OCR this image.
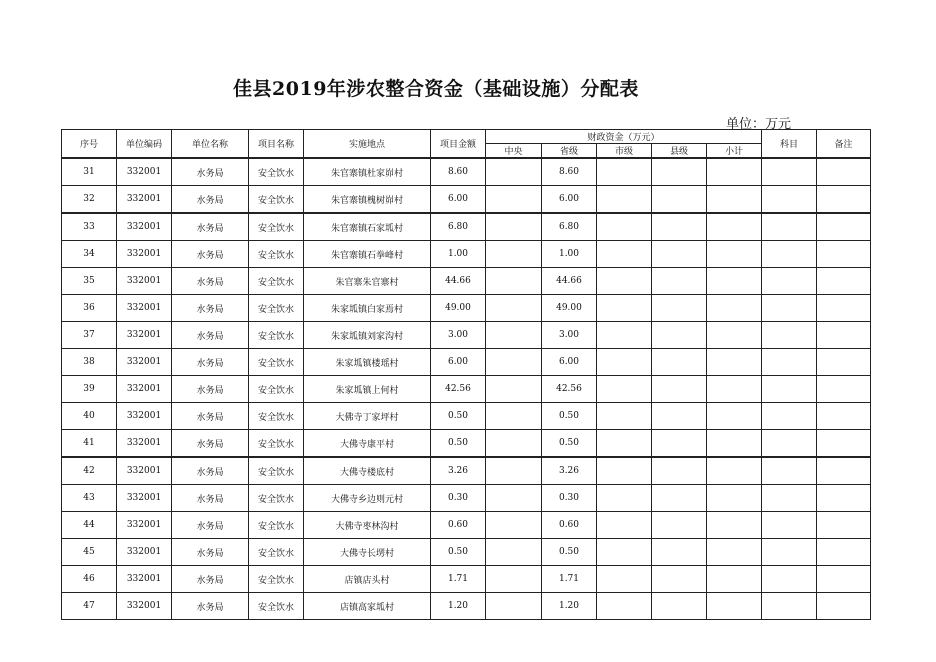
佳县2019年涉农整合资金（基础设施）分配表
单位：万元
序号	单位编码	单位名称	项目名称	实施地点	项目金额	财政资金（万元）					科目	备注
						中央	省级	市级	县级	小计		
31	332001	水务局	安全饮水	朱官寨镇杜家峁村	8.60		8.60					
32	332001	水务局	安全饮水	朱官寨镇槐树峁村	6.00		6.00					
33	332001	水务局	安全饮水	朱官寨镇石家坬村	6.80		6.80					
34	332001	水务局	安全饮水	朱官寨镇石拳峰村	1.00		1.00					
35	332001	水务局	安全饮水	朱官寨朱官寨村	44.66		44.66					
36	332001	水务局	安全饮水	朱家坬镇白家焉村	49.00		49.00					
37	332001	水务局	安全饮水	朱家坬镇刘家沟村	3.00		3.00					
38	332001	水务局	安全饮水	朱家坬镇楼瑶村	6.00		6.00					
39	332001	水务局	安全饮水	朱家坬镇上何村	42.56		42.56					
40	332001	水务局	安全饮水	大佛寺丁家坪村	0.50		0.50					
41	332001	水务局	安全饮水	大佛寺康平村	0.50		0.50					
42	332001	水务局	安全饮水	大佛寺楼底村	3.26		3.26					
43	332001	水务局	安全饮水	大佛寺乡边则元村	0.30		0.30					
44	332001	水务局	安全饮水	大佛寺枣林沟村	0.60		0.60					
45	332001	水务局	安全饮水	大佛寺长塄村	0.50		0.50					
46	332001	水务局	安全饮水	店镇店头村	1.71		1.71					
47	332001	水务局	安全饮水	店镇高家坬村	1.20		1.20					
